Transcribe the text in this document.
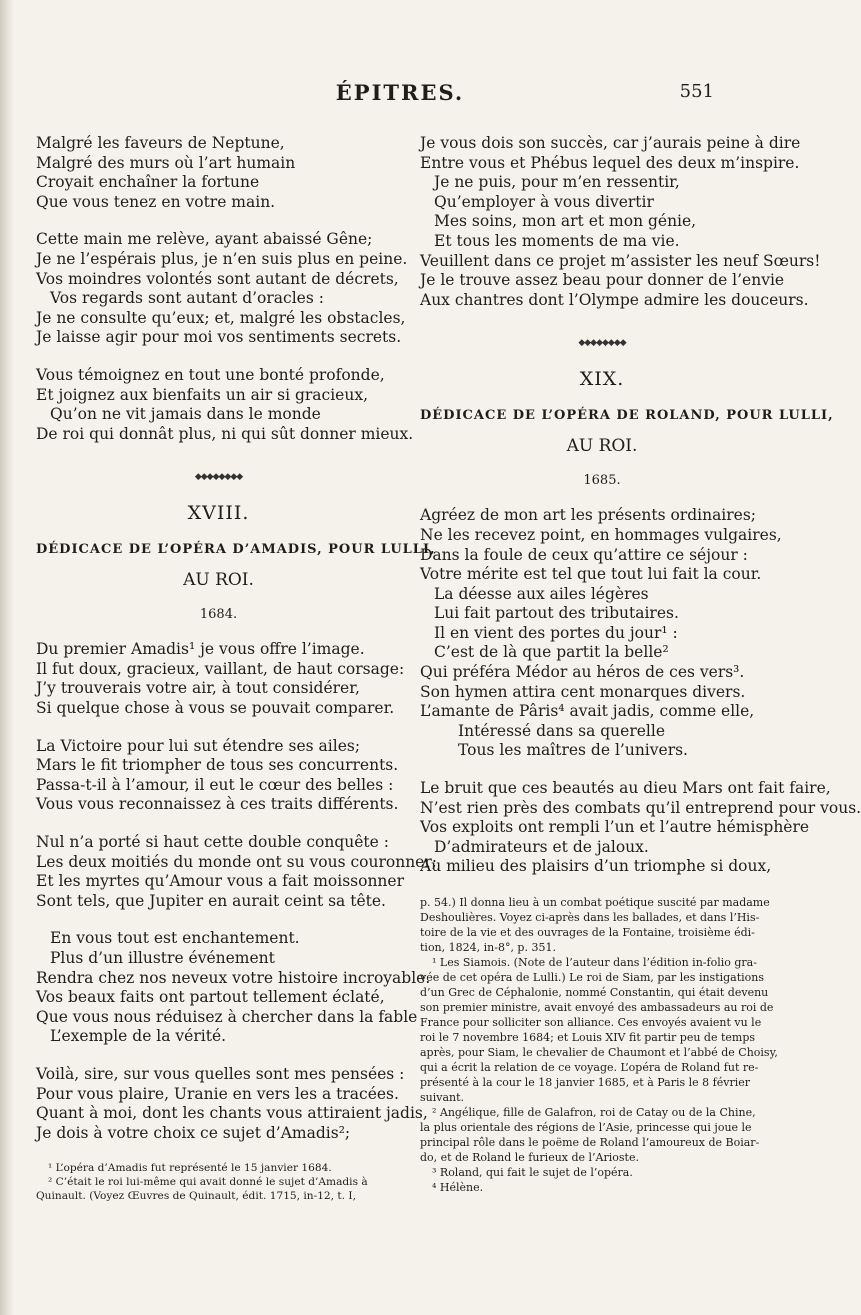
ÉPITRES.	551
Malgré les faveurs de Neptune,
Malgré des murs où l’art humain
Croyait enchaîner la fortune
Que vous tenez en votre main.
Cette main me relève, ayant abaissé Gêne;
Je ne l’espérais plus, je n’en suis plus en peine.
Vos moindres volontés sont autant de décrets,
Vos regards sont autant d’oracles :
Je ne consulte qu’eux; et, malgré les obstacles,
Je laisse agir pour moi vos sentiments secrets.
Vous témoignez en tout une bonté profonde,
Et joignez aux bienfaits un air si gracieux,
Qu’on ne vit jamais dans le monde
De roi qui donnât plus, ni qui sût donner mieux.
◆◆◆◆◆◆◆◆
XVIII.
DÉDICACE DE L’OPÉRA D’AMADIS, POUR LULLI,
AU ROI.
1684.
Du premier Amadis¹ je vous offre l’image.
Il fut doux, gracieux, vaillant, de haut corsage:
J’y trouverais votre air, à tout considérer,
Si quelque chose à vous se pouvait comparer.
La Victoire pour lui sut étendre ses ailes;
Mars le fit triompher de tous ses concurrents.
Passa-t-il à l’amour, il eut le cœur des belles :
Vous vous reconnaissez à ces traits différents.
Nul n’a porté si haut cette double conquête :
Les deux moitiés du monde ont su vous couronner;
Et les myrtes qu’Amour vous a fait moissonner
Sont tels, que Jupiter en aurait ceint sa tête.
En vous tout est enchantement.
Plus d’un illustre événement
Rendra chez nos neveux votre histoire incroyable.
Vos beaux faits ont partout tellement éclaté,
Que vous nous réduisez à chercher dans la fable
L’exemple de la vérité.
Voilà, sire, sur vous quelles sont mes pensées :
Pour vous plaire, Uranie en vers les a tracées.
Quant à moi, dont les chants vous attiraient jadis,
Je dois à votre choix ce sujet d’Amadis²;
¹ L’opéra d’Amadis fut représenté le 15 janvier 1684.
² C’était le roi lui-même qui avait donné le sujet d’Amadis à
Quinault. (Voyez Œuvres de Quinault, édit. 1715, in-12, t. I,
Je vous dois son succès, car j’aurais peine à dire
Entre vous et Phébus lequel des deux m’inspire.
Je ne puis, pour m’en ressentir,
Qu’employer à vous divertir
Mes soins, mon art et mon génie,
Et tous les moments de ma vie.
Veuillent dans ce projet m’assister les neuf Sœurs!
Je le trouve assez beau pour donner de l’envie
Aux chantres dont l’Olympe admire les douceurs.
◆◆◆◆◆◆◆◆
XIX.
DÉDICACE DE L’OPÉRA DE ROLAND, POUR LULLI,
AU ROI.
1685.
Agréez de mon art les présents ordinaires;
Ne les recevez point, en hommages vulgaires,
Dans la foule de ceux qu’attire ce séjour :
Votre mérite est tel que tout lui fait la cour.
La déesse aux ailes légères
Lui fait partout des tributaires.
Il en vient des portes du jour¹ :
C’est de là que partit la belle²
Qui préféra Médor au héros de ces vers³.
Son hymen attira cent monarques divers.
L’amante de Pâris⁴ avait jadis, comme elle,
Intéressé dans sa querelle
Tous les maîtres de l’univers.
Le bruit que ces beautés au dieu Mars ont fait faire,
N’est rien près des combats qu’il entreprend pour vous.
Vos exploits ont rempli l’un et l’autre hémisphère
D’admirateurs et de jaloux.
Au milieu des plaisirs d’un triomphe si doux,
p. 54.) Il donna lieu à un combat poétique suscité par madame
Deshoulières. Voyez ci-après dans les ballades, et dans l’His-
toire de la vie et des ouvrages de la Fontaine, troisième édi-
tion, 1824, in-8°, p. 351.
¹ Les Siamois. (Note de l’auteur dans l’édition in-folio gra-
vée de cet opéra de Lulli.) Le roi de Siam, par les instigations
d’un Grec de Céphalonie, nommé Constantin, qui était devenu
son premier ministre, avait envoyé des ambassadeurs au roi de
France pour solliciter son alliance. Ces envoyés avaient vu le
roi le 7 novembre 1684; et Louis XIV fit partir peu de temps
après, pour Siam, le chevalier de Chaumont et l’abbé de Choisy,
qui a écrit la relation de ce voyage. L’opéra de Roland fut re-
présenté à la cour le 18 janvier 1685, et à Paris le 8 février
suivant.
² Angélique, fille de Galafron, roi de Catay ou de la Chine,
la plus orientale des régions de l’Asie, princesse qui joue le
principal rôle dans le poëme de Roland l’amoureux de Boiar-
do, et de Roland le furieux de l’Arioste.
³ Roland, qui fait le sujet de l’opéra.
⁴ Hélène.
